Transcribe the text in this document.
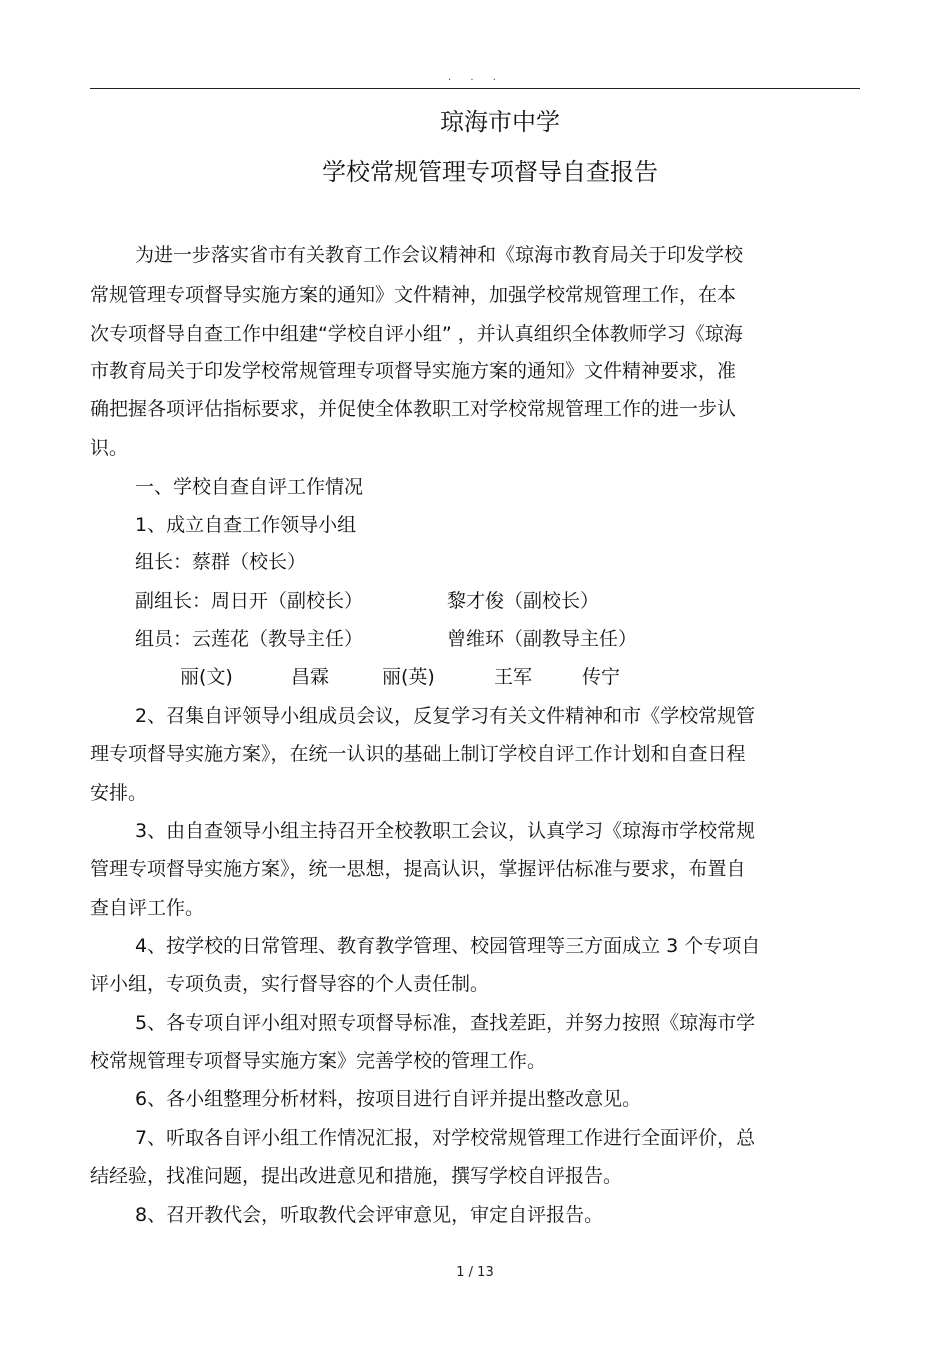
. . .
琼海市中学
学校常规管理专项督导自查报告
为进一步落实省市有关教育工作会议精神和《琼海市教育局关于印发学校
常规管理专项督导实施方案的通知》文件精神，加强学校常规管理工作，在本
次专项督导自查工作中组建“学校自评小组” ，并认真组织全体教师学习《琼海
市教育局关于印发学校常规管理专项督导实施方案的通知》文件精神要求，准
确把握各项评估指标要求，并促使全体教职工对学校常规管理工作的进一步认
识。
一、学校自查自评工作情况
1、成立自查工作领导小组
组长：蔡群（校长）
副组长：周日开（副校长）	黎才俊（副校长）
组员：云莲花（教导主任）	曾维环（副教导主任）
丽(文)	昌霖	丽(英)	王军	传宁
2、召集自评领导小组成员会议，反复学习有关文件精神和市《学校常规管
理专项督导实施方案》，在统一认识的基础上制订学校自评工作计划和自查日程
安排。
3、由自查领导小组主持召开全校教职工会议，认真学习《琼海市学校常规
管理专项督导实施方案》，统一思想，提高认识，掌握评估标准与要求，布置自
查自评工作。
4、按学校的日常管理、教育教学管理、校园管理等三方面成立 3 个专项自
评小组，专项负责，实行督导容的个人责任制。
5、各专项自评小组对照专项督导标准，查找差距，并努力按照《琼海市学
校常规管理专项督导实施方案》完善学校的管理工作。
6、各小组整理分析材料，按项目进行自评并提出整改意见。
7、听取各自评小组工作情况汇报，对学校常规管理工作进行全面评价，总
结经验，找准问题，提出改进意见和措施，撰写学校自评报告。
8、召开教代会，听取教代会评审意见，审定自评报告。
1 / 13
